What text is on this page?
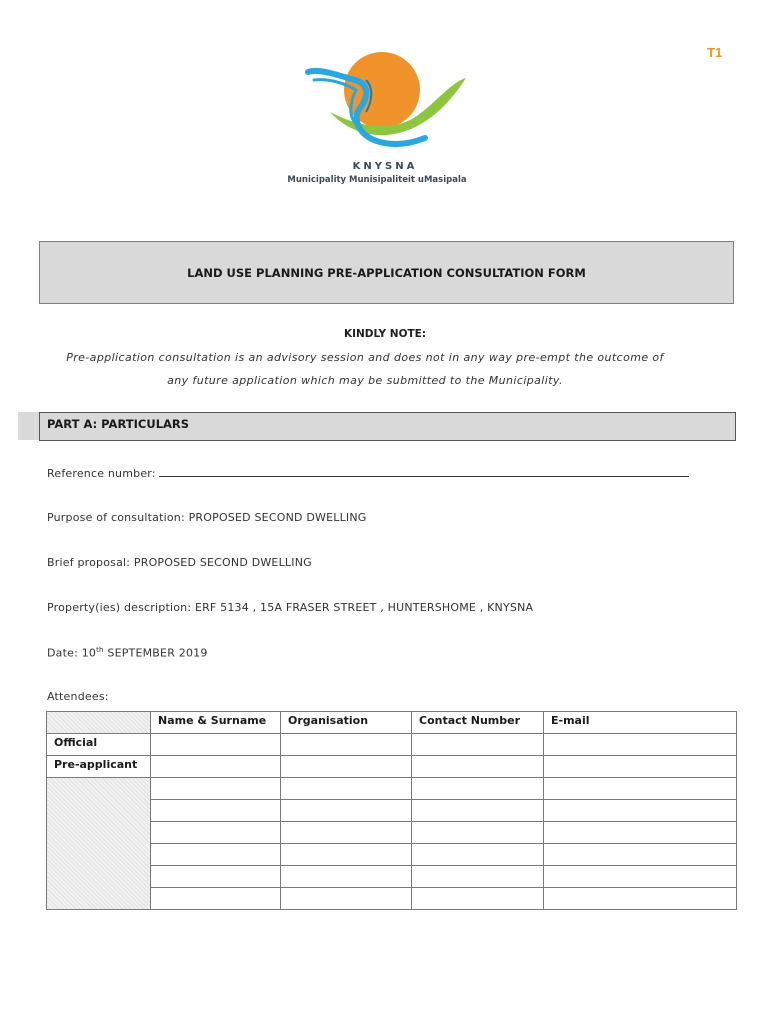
T1
KNYSNA
Municipality Munisipaliteit uMasipala
LAND USE PLANNING PRE-APPLICATION CONSULTATION FORM
KINDLY NOTE:
Pre-application consultation is an advisory session and does not in any way pre-empt the outcome of
any future application which may be submitted to the Municipality.
PART A: PARTICULARS
Reference number:
Purpose of consultation: PROPOSED SECOND DWELLING
Brief proposal: PROPOSED SECOND DWELLING
Property(ies) description: ERF 5134 , 15A FRASER STREET , HUNTERSHOME , KNYSNA
Date: 10th SEPTEMBER 2019
Attendees:
	Name & Surname	Organisation	Contact Number	E-mail
Official				
Pre-applicant				
